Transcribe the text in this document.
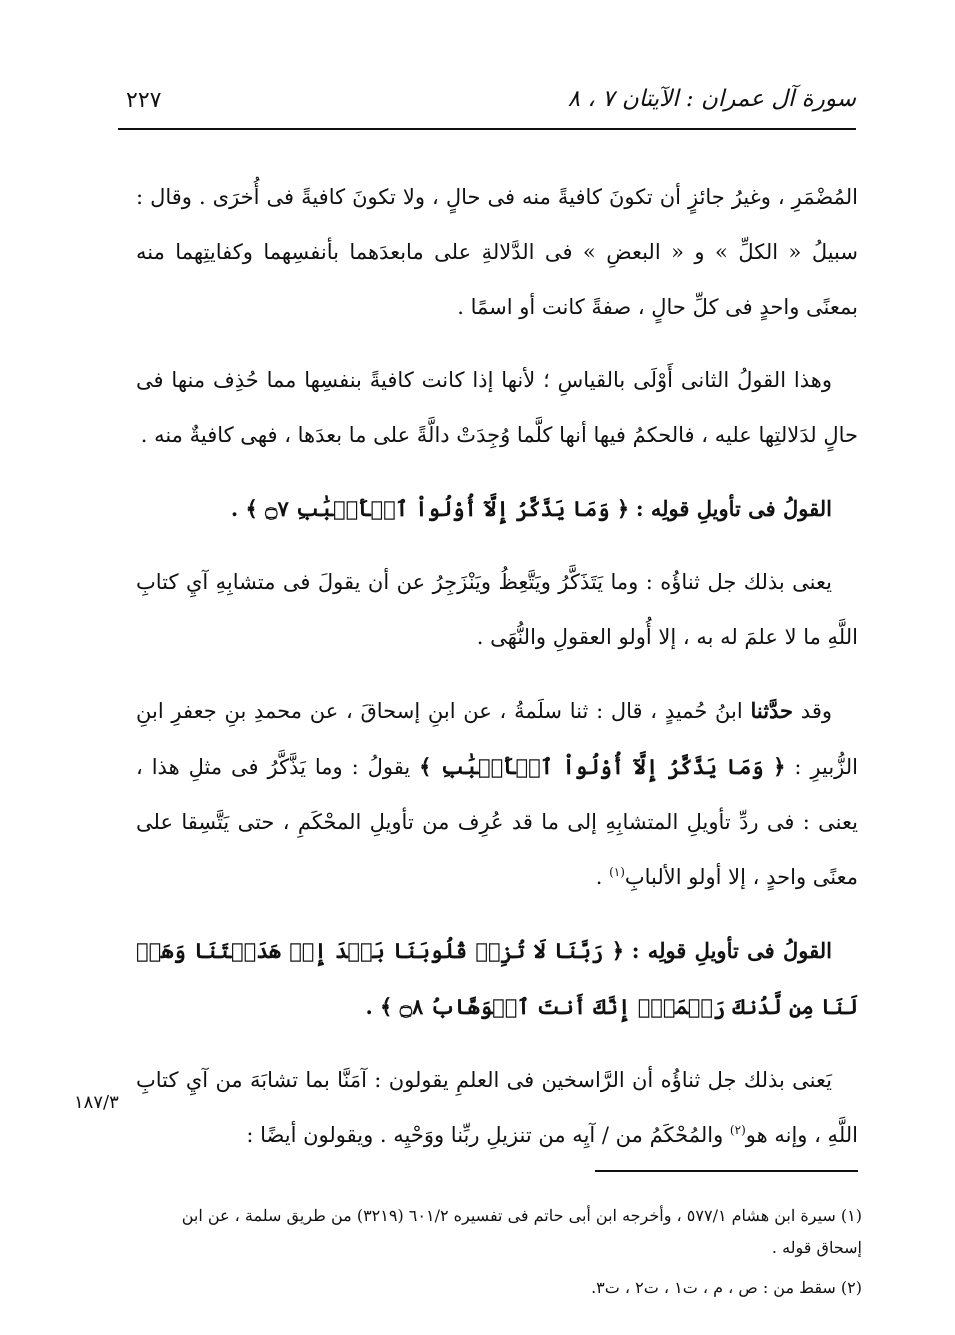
سورة آل عمران : الآيتان ٧ ، ٨
٢٢٧

المُضْمَرِ ، وغيرُ جائزٍ أن تكونَ كافيةً منه فى حالٍ ، ولا تكونَ كافيةً فى أُخرَى . وقال : سبيلُ « الكلِّ » و « البعضِ » فى الدَّلالةِ على مابعدَهما بأنفسِهما وكفايتِهما منه بمعنًى واحدٍ فى كلِّ حالٍ ، صفةً كانت أو اسمًا .

وهذا القولُ الثانى أَوْلَى بالقياسِ ؛ لأنها إذا كانت كافيةً بنفسِها مما حُذِف منها فى حالٍ لدَلالتِها عليه ، فالحكمُ فيها أنها كلَّما وُجِدَتْ دالَّةً على ما بعدَها ، فهى كافيةٌ منه .

القولُ فى تأويلِ قولِه : ﴿ وَمَا يَذَّكَّرُ إِلَّآ أُوْلُواْ ٱلۡأَلۡبَٰبِ ۝٧ ﴾ .

يعنى بذلك جل ثناؤُه : وما يَتَذَكَّرُ ويَتَّعِظُ ويَنْزَجِرُ عن أن يقولَ فى متشابِهِ آيِ كتابِ اللَّهِ ما لا علمَ له به ، إلا أُولو العقولِ والنُّهَى .

وقد حدَّثنا ابنُ حُميدٍ ، قال : ثنا سلَمةُ ، عن ابنِ إسحاقَ ، عن محمدِ بنِ جعفرِ ابنِ الزُّبيرِ : ﴿ وَمَا يَذَّكَّرُ إِلَّآ أُوْلُواْ ٱلۡأَلۡبَٰبِ ﴾ يقولُ : وما يَذَّكَّرُ فى مثلِ هذا ، يعنى : فى ردِّ تأويلِ المتشابِهِ إلى ما قد عُرِف من تأويلِ المحْكَمِ ، حتى يَتَّسِقا على معنًى واحدٍ ، إلا أولو الألبابِ$^{(١)}$ .

القولُ فى تأويلِ قولِه : ﴿ رَبَّنَا لَا تُزِغۡ قُلُوبَنَا بَعۡدَ إِذۡ هَدَيۡتَنَا وَهَبۡ لَنَا مِن لَّدُنكَ رَحۡمَةًۚ إِنَّكَ أَنتَ ٱلۡوَهَّابُ ۝٨ ﴾ .

يَعنى بذلك جل ثناؤُه أن الرَّاسخين فى العلمِ يقولون : آمَنَّا بما تشابَهَ من آيِ كتابِ اللَّهِ ، وإنه هو$^{(٢)}$ والمُحْكَمُ من / آيِه من تنزيلِ ربِّنا ووَحْيِه . ويقولون أيضًا :

١٨٧/٣

(١) سيرة ابن هشام ٥٧٧/١ ، وأخرجه ابن أبى حاتم فى تفسيره ٦٠١/٢ (٣٢١٩) من طريق سلمة ، عن ابن إسحاق قوله .

(٢) سقط من : ص ، م ، ت١ ، ت٢ ، ت٣.
